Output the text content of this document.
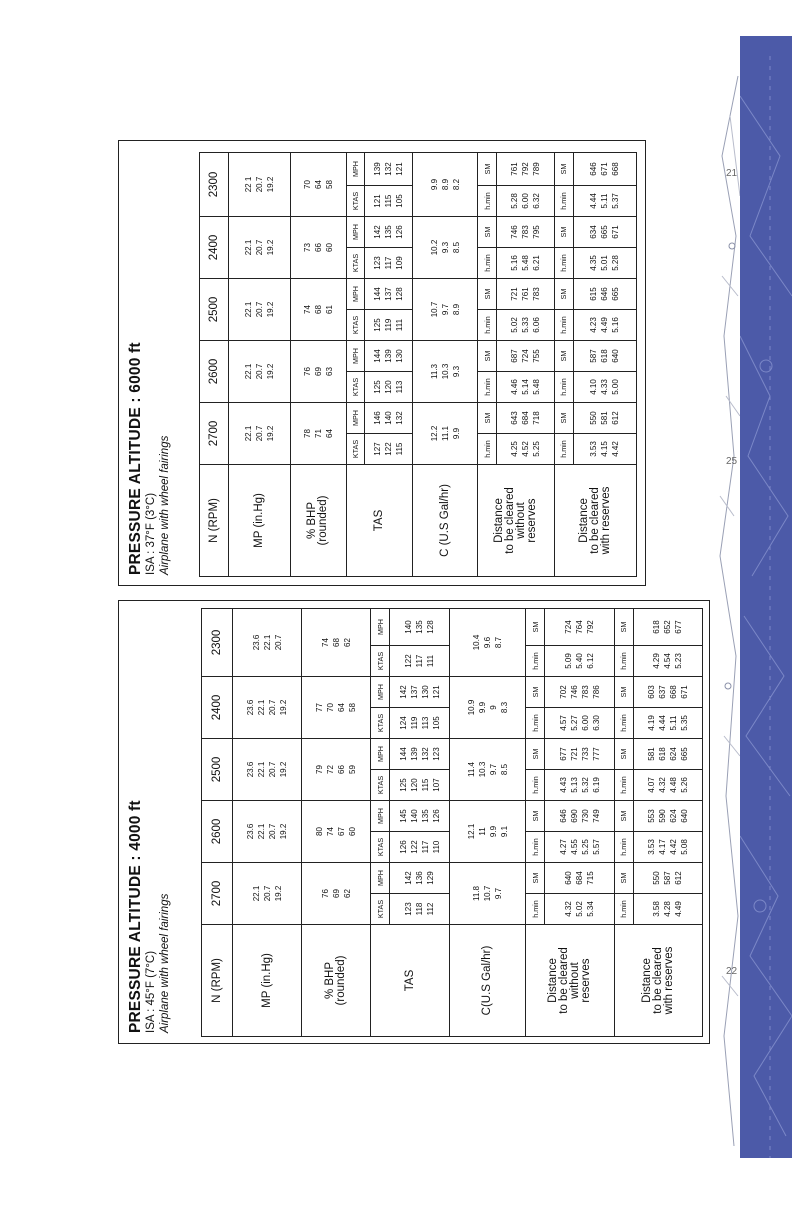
21
22
25
PRESSURE ALTITUDE : 6000 ft ISA : 37°F (3°C) Airplane with wheel fairings	N (RPM)	2700		2600		2500		2400		2300	
MP (in.Hg)	22.1 20.7 19.2		22.1 20.7 19.2		22.1 20.7 19.2		22.1 20.7 19.2		22 1 20.7 19.2	

% BHP (rounded)	78 71 64		76 69 63		74 68 61		73 66 60		70 64 58	

TAS	KTAS	MPH	KTAS	MPH	KTAS	MPH	KTAS	MPH	KTAS	MPH

	127 122 115	146 140 132	125 120 113	144 139 130	125 119 111	144 137 128	123 117 109	142 135 126	121 115 105	139 132 121

C (U.S Gal/hr)	12.2 11.1 9.9		11.3 10.3 9.3		10.7 9.7 8.9		10.2 9.3 8.5		9.9 8.9 8.2	

Distance to be cleared without reserves	h.min	SM	h.min	SM	h.min	SM	h.min	SM	h.min	SM

	4.25 4.52 5.25	643 684 718	4.46 5.14 5.48	687 724 755	5.02 5.33 6.06	721 761 783	5.16 5.48 6.21	746 783 795	5.28 6.00 6.32	761 792 789

Distance to be cleared with reserves	h.min	SM	h.min	SM	h.min	SM	h.min	SM	h.min	SM

	3.53 4.15 4.42	550 581 612	4.10 4.33 5.00	587 618 640	4.23 4.49 5.16	615 646 665	4.35 5.01 5.28	634 665 671	4.44 5.11 5.37	646 671 668
PRESSURE ALTITUDE : 4000 ft ISA : 45°F (7°C) Airplane with wheel fairings	N (RPM)	2700		2600		2500		2400		2300	
MP (in.Hg)	22.1 20.7 19.2		23.6 22.1 20.7 19.2		23.6 22.1 20.7 19.2		23.6 22.1 20.7 19.2		23.6 22.1 20.7	

% BHP (rounded)	76 69 62		80 74 67 60		79 72 66 59		77 70 64 58		74 68 62	

TAS	KTAS	MPH	KTAS	MPH	KTAS	MPH	KTAS	MPH	KTAS	MPH

	123 118 112	142 136 129	126 122 117 110	145 140 135 126	125 120 115 107	144 139 132 123	124 119 113 105	142 137 130 121	122 117 111	140 135 128

C(U.S Gal/hr)	11.8 10.7 9.7		12.1 11 9.9 9.1		11.4 10.3 9.7 8.5		10.9 9.9 9 8.3		10.4 9.6 8.7	

Distance to be cleared without reserves	h.min	SM	h.min	SM	h.min	SM	h.min	SM	h.min	SM

	4.32 5.02 5.34	640 684 715	4.27 4.55 5.25 5.57	646 690 730 749	4.43 5.13 5.32 6.19	677 721 733 777	4.57 5.27 6.00 6.30	702 746 783 786	5.09 5.40 6.12	724 764 792

Distance to be cleared with reserves	h.min	SM	h.min	SM	h.min	SM	h.min	SM	h.min	SM

	3.58 4.28 4.49	550 587 612	3.53 4.17 4.42 5.08	553 590 624 640	4.07 4.32 4.48 5.26	581 618 624 665	4.19 4.44 5.11 5.35	603 637 668 671	4.29 4.54 5.23	618 652 677
